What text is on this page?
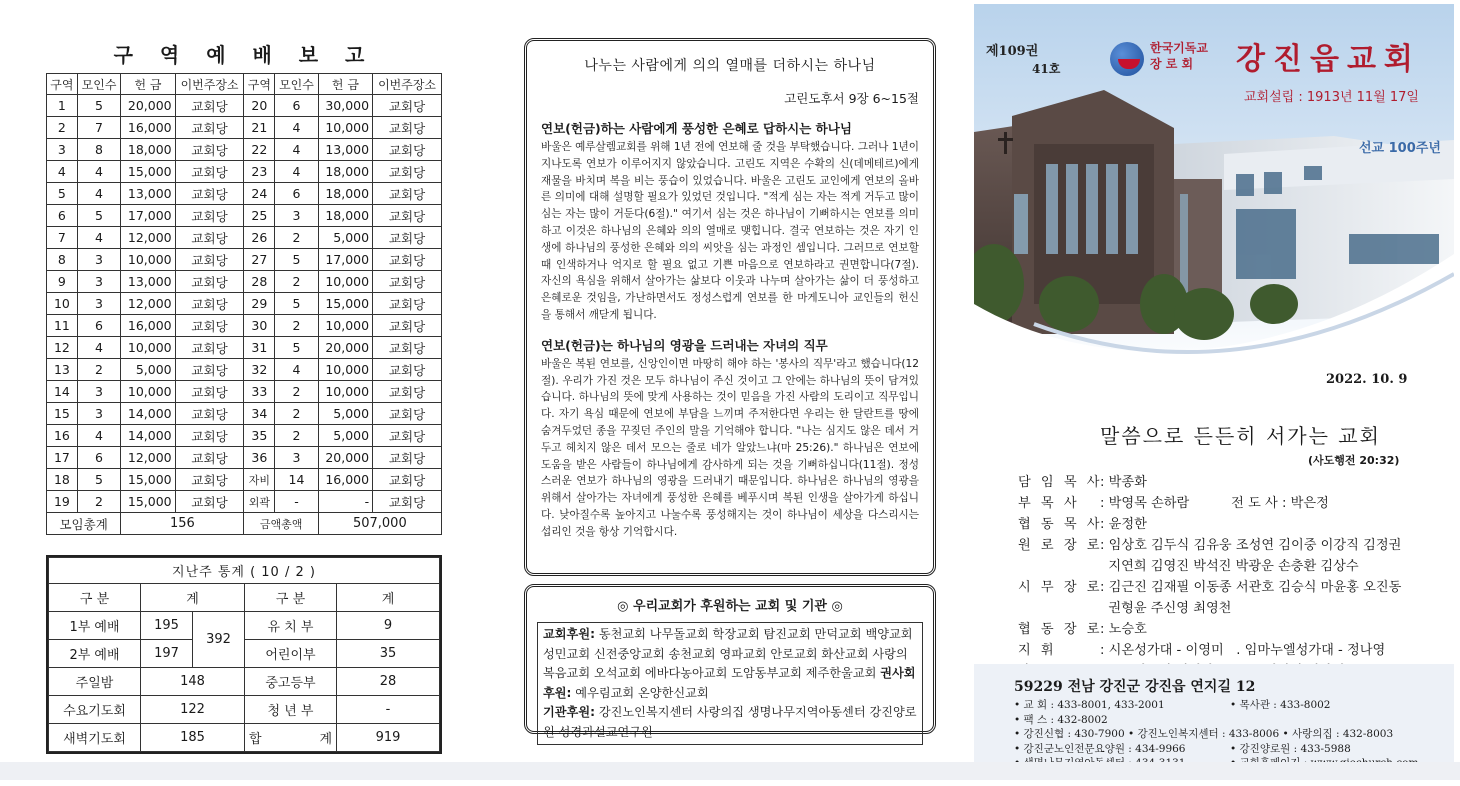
구 역 예 배 보 고
구역	모인수	헌 금	이번주장소	구역	모인수	헌 금	이번주장소
1	5	20,000	교회당	20	6	30,000	교회당
2	7	16,000	교회당	21	4	10,000	교회당
3	8	18,000	교회당	22	4	13,000	교회당
4	4	15,000	교회당	23	4	18,000	교회당
5	4	13,000	교회당	24	6	18,000	교회당
6	5	17,000	교회당	25	3	18,000	교회당
7	4	12,000	교회당	26	2	5,000	교회당
8	3	10,000	교회당	27	5	17,000	교회당
9	3	13,000	교회당	28	2	10,000	교회당
10	3	12,000	교회당	29	5	15,000	교회당
11	6	16,000	교회당	30	2	10,000	교회당
12	4	10,000	교회당	31	5	20,000	교회당
13	2	5,000	교회당	32	4	10,000	교회당
14	3	10,000	교회당	33	2	10,000	교회당
15	3	14,000	교회당	34	2	5,000	교회당
16	4	14,000	교회당	35	2	5,000	교회당
17	6	12,000	교회당	36	3	20,000	교회당
18	5	15,000	교회당	자비	14	16,000	교회당
19	2	15,000	교회당	외곽	-	-	교회당
모임총계		156		금액총액		507,000	
지난주 통계 ( 10 / 2 )				
구 분	계		구 분	계
1부 예배	195	392	유 치 부	9
2부 예배	197		어린이부	35
주일밤	148		중고등부	28
수요기도회	122		청 년 부	-
새벽기도회	185		합 계	919
나누는 사람에게 의의 열매를 더하시는 하나님
고린도후서 9장 6~15절
연보(헌금)하는 사람에게 풍성한 은혜로 답하시는 하나님
바울은 예루살렘교회를 위해 1년 전에 연보해 줄 것을 부탁했습니다. 그러나 1년이 지나도록 연보가 이루어지지 않았습니다. 고린도 지역은 수확의 신(데메테르)에게 재물을 바치며 복을 비는 풍습이 있었습니다. 바울은 고린도 교인에게 연보의 올바른 의미에 대해 설명할 필요가 있었던 것입니다. "적게 심는 자는 적게 거두고 많이 심는 자는 많이 거둔다(6절)." 여기서 심는 것은 하나님이 기뻐하시는 연보를 의미하고 이것은 하나님의 은혜와 의의 열매로 맺힙니다. 결국 연보하는 것은 자기 인생에 하나님의 풍성한 은혜와 의의 씨앗을 심는 과정인 셈입니다. 그러므로 연보할 때 인색하거나 억지로 할 필요 없고 기쁜 마음으로 연보하라고 권면합니다(7절). 자신의 욕심을 위해서 살아가는 삶보다 이웃과 나누며 살아가는 삶이 더 풍성하고 은혜로운 것임을, 가난하면서도 정성스럽게 연보를 한 마게도니아 교인들의 헌신을 통해서 깨닫게 됩니다.
연보(헌금)는 하나님의 영광을 드러내는 자녀의 직무
바울은 복된 연보를, 신앙인이면 마땅히 해야 하는 '봉사의 직무'라고 했습니다(12절). 우리가 가진 것은 모두 하나님이 주신 것이고 그 안에는 하나님의 뜻이 담겨있습니다. 하나님의 뜻에 맞게 사용하는 것이 믿음을 가진 사람의 도리이고 직무입니다. 자기 욕심 때문에 연보에 부담을 느끼며 주저한다면 우리는 한 달란트를 땅에 숨겨두었던 종을 꾸짖던 주인의 말을 기억해야 합니다. "나는 심지도 않은 데서 거두고 헤치지 않은 데서 모으는 줄로 네가 알았느냐(마 25:26)." 하나님은 연보에 도움을 받은 사람들이 하나님에게 감사하게 되는 것을 기뻐하십니다(11절). 정성스러운 연보가 하나님의 영광을 드러내기 때문입니다. 하나님은 하나님의 영광을 위해서 살아가는 자녀에게 풍성한 은혜를 베푸시며 복된 인생을 살아가게 하십니다. 낮아질수록 높아지고 나눌수록 풍성해지는 것이 하나님이 세상을 다스리시는 섭리인 것을 항상 기억합시다.
◎ 우리교회가 후원하는 교회 및 기관 ◎
교회후원: 동천교회 나무돌교회 학장교회 탐진교회 만덕교회 백양교회 성민교회 신전중앙교회 송천교회 영파교회 안로교회 화산교회 사랑의복음교회 오석교회 에바다농아교회 도암동부교회 제주한울교회 권사회후원: 예우림교회 온양한신교회
기관후원: 강진노인복지센터 사랑의집 생명나무지역아동센터 강진양로원 성경과설교연구원
선교 100주년
제109권
41호
한국기독교
장 로 회	강진읍교회
교회설립 : 1913년 11월 17일
2022. 10. 9
말씀으로 든든히 서가는 교회
(사도행전 20:32)
담 임 목 사
: 박종화
부 목 사	: 박영목 손하람          전 도 사 : 박은정
협 동 목 사
: 윤정한
원 로 장 로
: 임상호 김두식 김유웅 조성연 김이중 이강직 김정권
지연희 김영진 박석진 박광운 손충환 김상수
시 무 장 로
: 김근진 김재필 이동종 서관호 김승식 마윤홍 오진동
권형윤 주신영 최영천
협 동 장 로
: 노승호
지 휘	: 시온성가대 - 이영미   . 임마누엘성가대 - 정나영
59229 전남 강진군 강진읍 연지길 12
• 교 회 : 433-8001, 433-2001	• 목사관 : 433-8002
• 팩 스 : 432-8002
• 강진신협 : 430-7900 • 강진노인복지센터 : 433-8006 • 사랑의집 : 432-8003
• 강진군노인전문요양원 : 434-9966	• 강진양로원 : 433-5988
